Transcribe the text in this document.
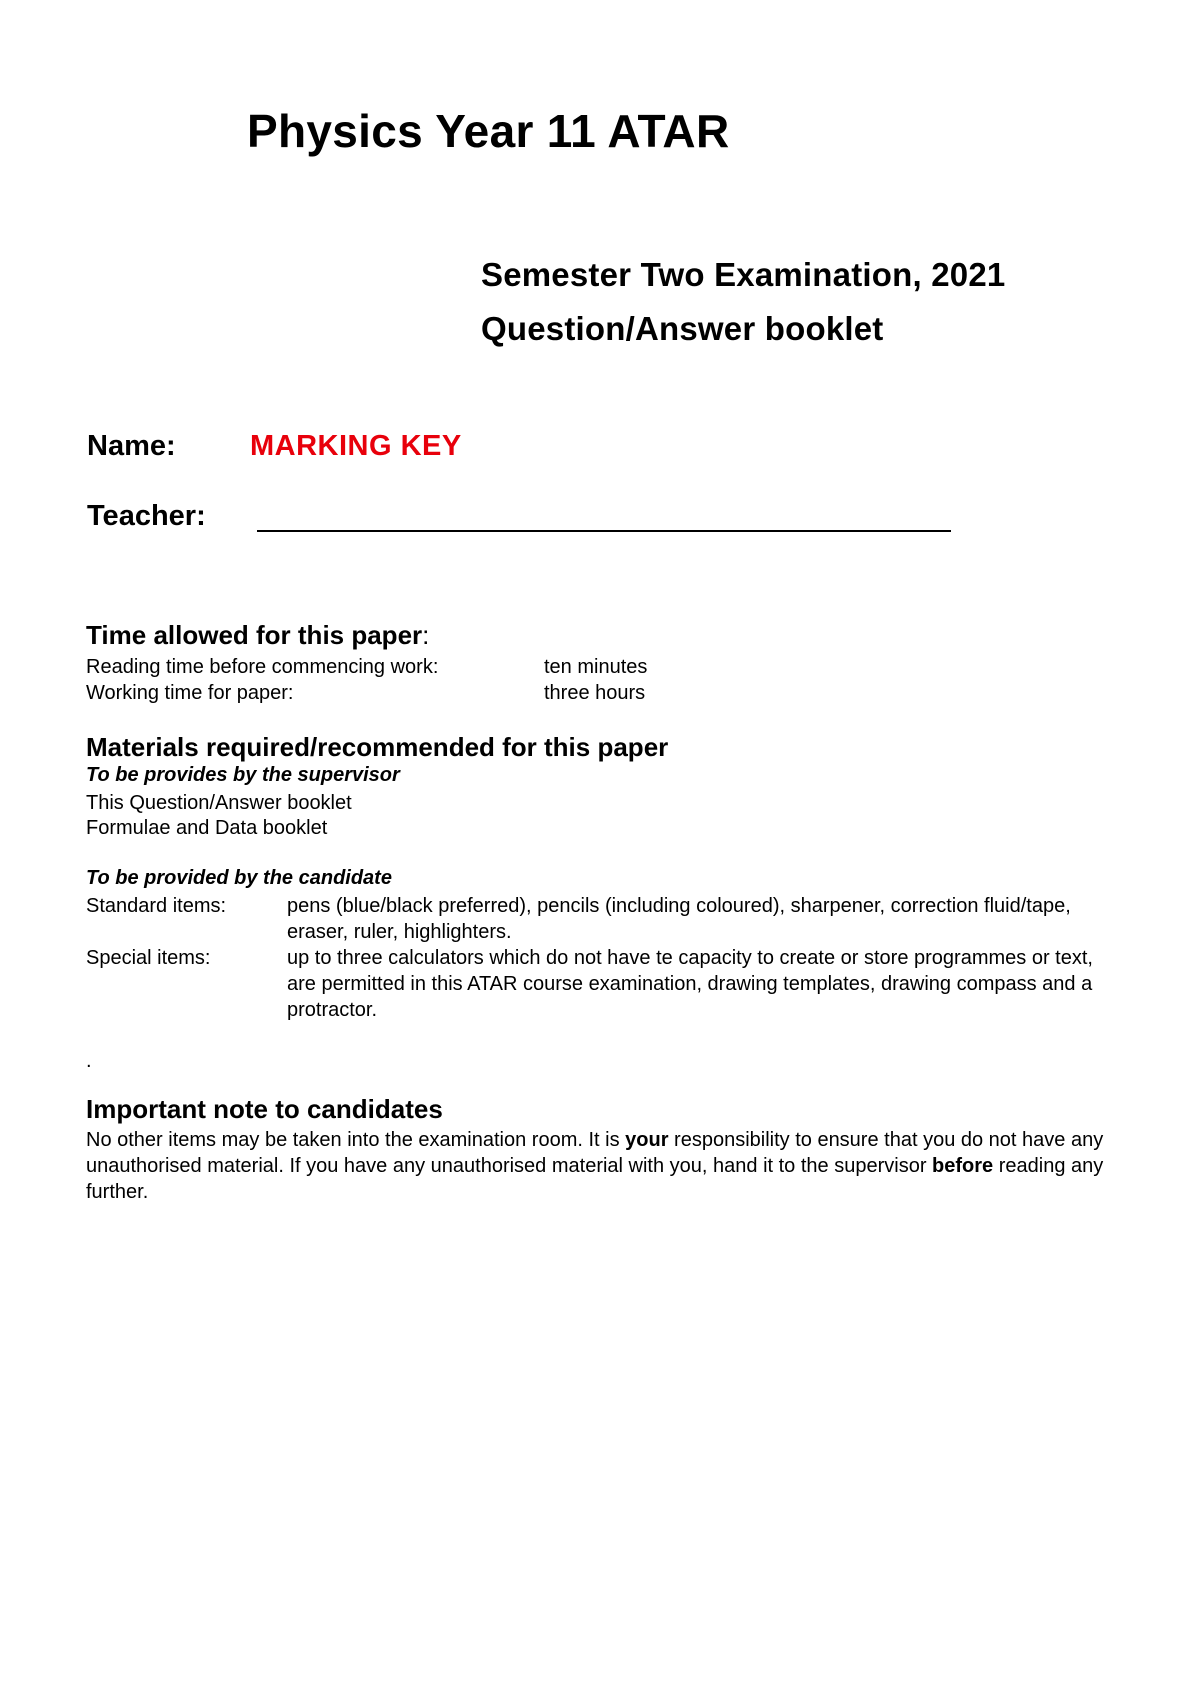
Physics Year 11 ATAR
Semester Two Examination, 2021
Question/Answer booklet
Name:	MARKING KEY
Teacher:
Time allowed for this paper:
Reading time before commencing work:	ten minutes
Working time for paper:	three hours
Materials required/recommended for this paper
To be provides by the supervisor
This Question/Answer booklet
Formulae and Data booklet
To be provided by the candidate
Standard items:	pens (blue/black preferred), pencils (including coloured), sharpener, correction fluid/tape, eraser, ruler, highlighters.
Special items:	up to three calculators which do not have te capacity to create or store programmes or text, are permitted in this ATAR course examination, drawing templates, drawing compass and a protractor.
.
Important note to candidates
No other items may be taken into the examination room. It is your responsibility to ensure that you do not have any unauthorised material. If you have any unauthorised material with you, hand it to the supervisor before reading any further.
